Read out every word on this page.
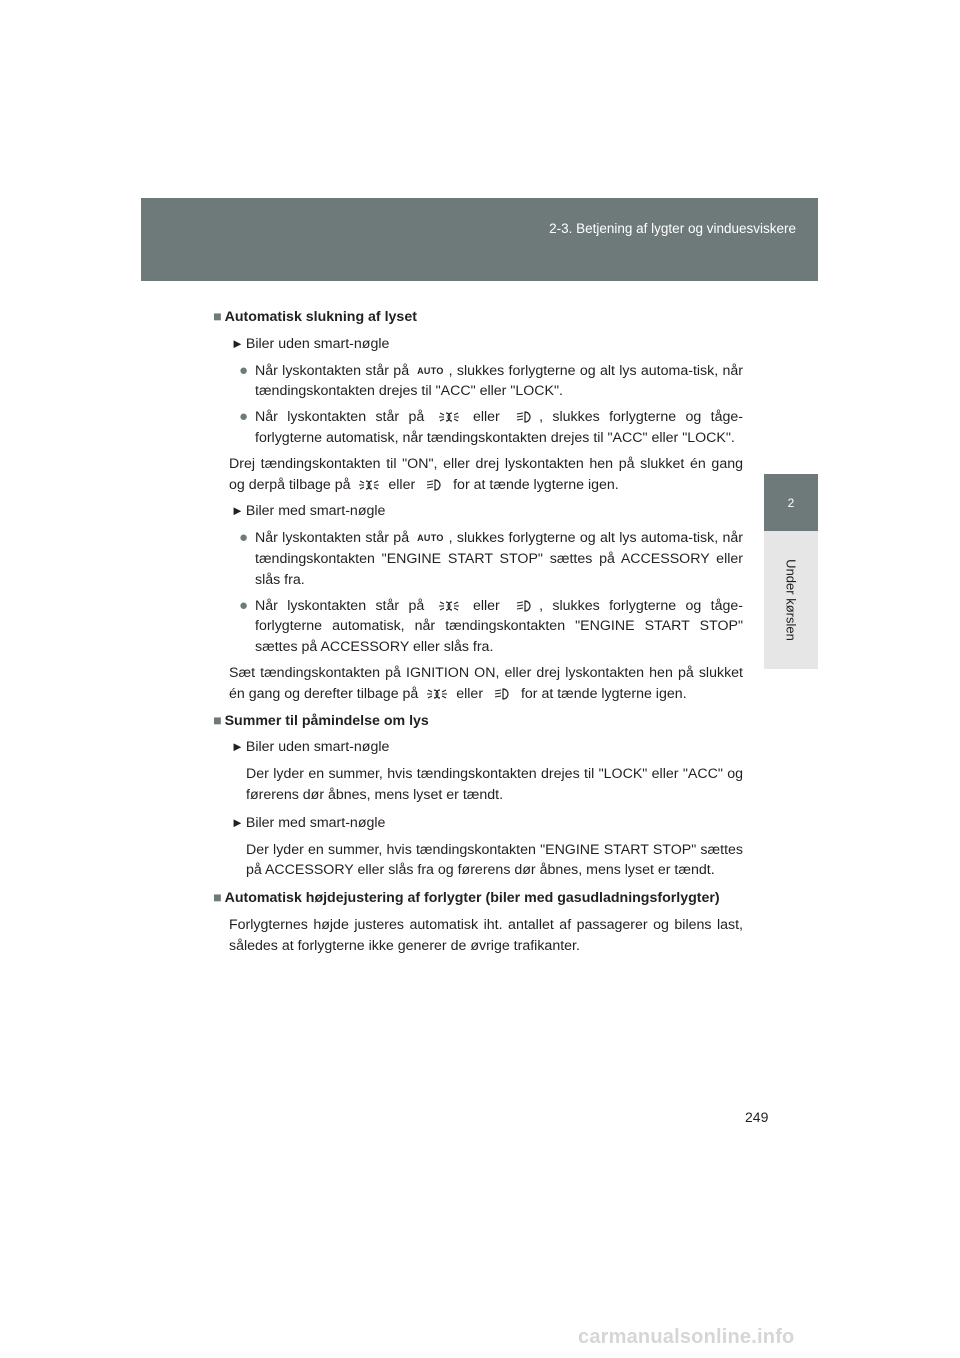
2-3. Betjening af lygter og vinduesviskere
2
Under kørslen
■ Automatisk slukning af lyset
► Biler uden smart-nøgle
● Når lyskontakten står på AUTO , slukkes forlygterne og alt lys automa-tisk, når tændingskontakten drejes til "ACC" eller "LOCK".
● Når lyskontakten står på	eller	, slukkes forlygterne og tåge-forlygterne automatisk, når tændingskontakten drejes til "ACC" eller "LOCK".
Drej tændingskontakten til "ON", eller drej lyskontakten hen på slukket én gang og derpå tilbage på	eller	for at tænde lygterne igen.
► Biler med smart-nøgle
● Når lyskontakten står på AUTO , slukkes forlygterne og alt lys automa-tisk, når tændingskontakten "ENGINE START STOP" sættes på ACCESSORY eller slås fra.
● Når lyskontakten står på	eller	, slukkes forlygterne og tåge-forlygterne automatisk, når tændingskontakten "ENGINE START STOP" sættes på ACCESSORY eller slås fra.
Sæt tændingskontakten på IGNITION ON, eller drej lyskontakten hen på slukket én gang og derefter tilbage på	eller	for at tænde lygterne igen.
■ Summer til påmindelse om lys
► Biler uden smart-nøgle
Der lyder en summer, hvis tændingskontakten drejes til "LOCK" eller "ACC" og førerens dør åbnes, mens lyset er tændt.
► Biler med smart-nøgle
Der lyder en summer, hvis tændingskontakten "ENGINE START STOP" sættes på ACCESSORY eller slås fra og førerens dør åbnes, mens lyset er tændt.
■ Automatisk højdejustering af forlygter (biler med gasudladningsforlygter)
Forlygternes højde justeres automatisk iht. antallet af passagerer og bilens last, således at forlygterne ikke generer de øvrige trafikanter.
249
carmanualsonline.info
